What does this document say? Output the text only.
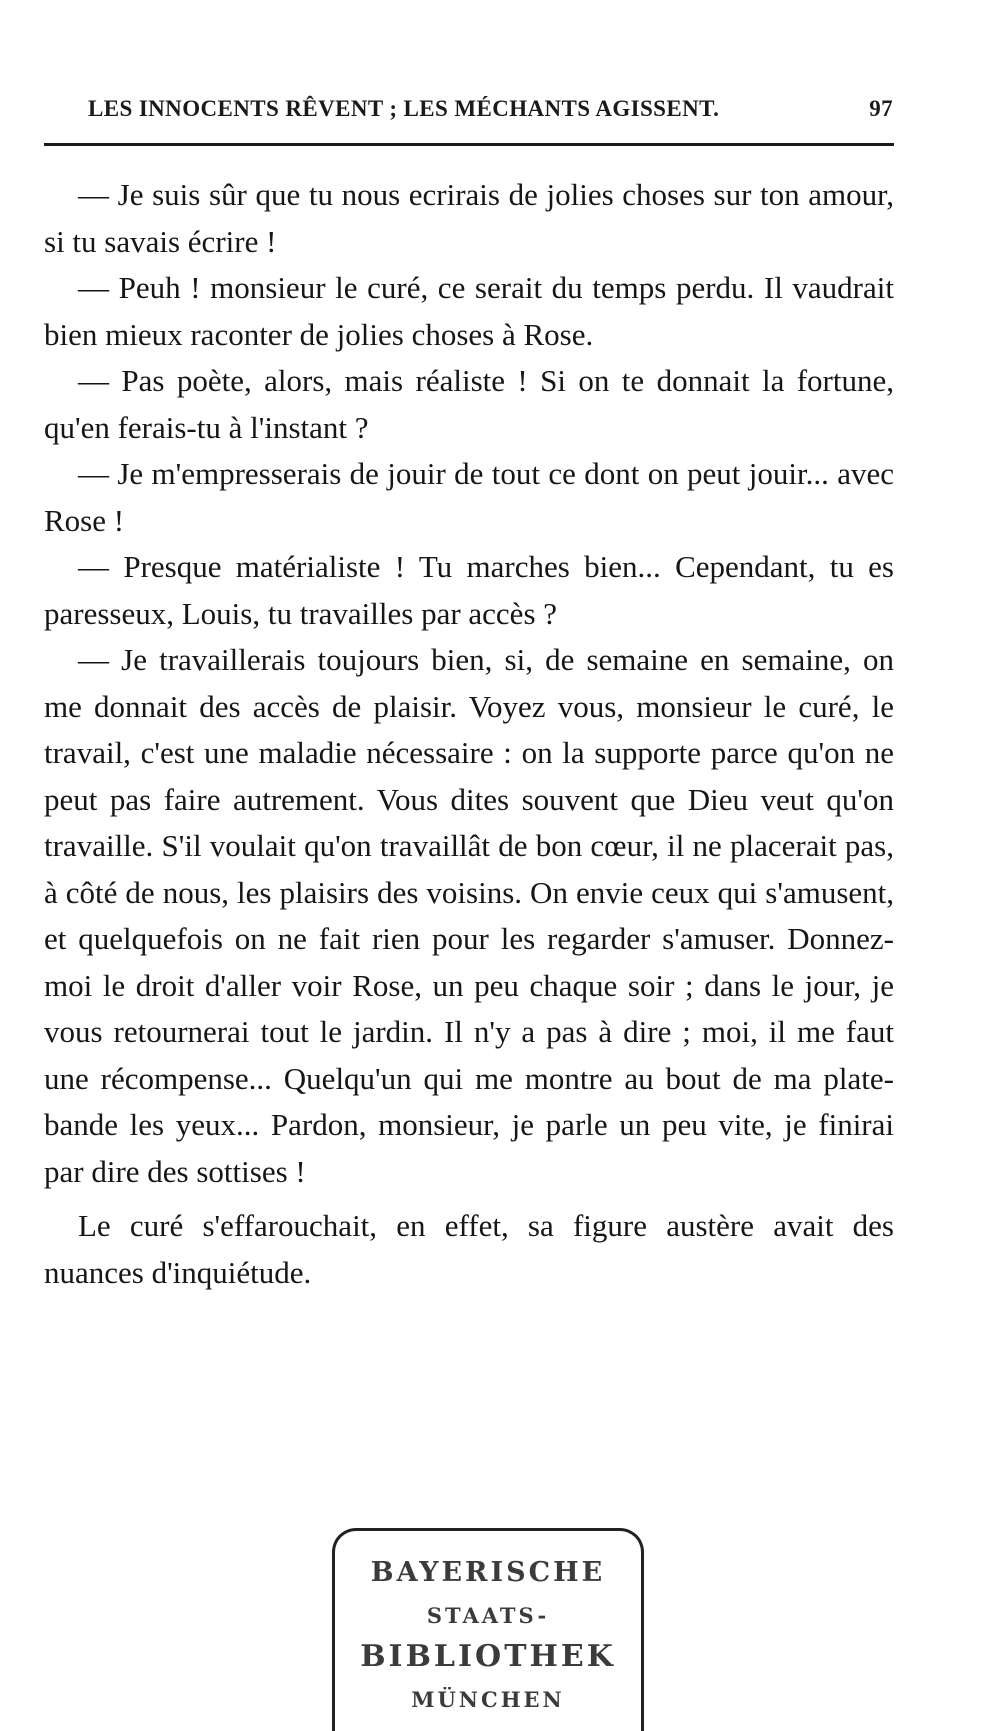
LES INNOCENTS RÊVENT ; LES MÉCHANTS AGISSENT.	97

— Je suis sûr que tu nous ecrirais de jolies choses sur ton amour, si tu savais écrire !

— Peuh ! monsieur le curé, ce serait du temps perdu. Il vaudrait bien mieux raconter de jolies choses à Rose.

— Pas poète, alors, mais réaliste ! Si on te donnait la fortune, qu'en ferais-tu à l'instant ?

— Je m'empresserais de jouir de tout ce dont on peut jouir... avec Rose !

— Presque matérialiste ! Tu marches bien... Cependant, tu es paresseux, Louis, tu travailles par accès ?

— Je travaillerais toujours bien, si, de semaine en semaine, on me donnait des accès de plaisir. Voyez vous, monsieur le curé, le travail, c'est une maladie nécessaire : on la supporte parce qu'on ne peut pas faire autrement. Vous dites souvent que Dieu veut qu'on travaille. S'il voulait qu'on travaillât de bon cœur, il ne placerait pas, à côté de nous, les plaisirs des voisins. On envie ceux qui s'amusent, et quelquefois on ne fait rien pour les regarder s'amuser. Donnez-moi le droit d'aller voir Rose, un peu chaque soir ; dans le jour, je vous retournerai tout le jardin. Il n'y a pas à dire ; moi, il me faut une récompense... Quelqu'un qui me montre au bout de ma plate-bande les yeux... Pardon, monsieur, je parle un peu vite, je finirai par dire des sottises !

Le curé s'effarouchait, en effet, sa figure austère avait des nuances d'inquiétude.

BAYERISCHE
STAATS-
BIBLIOTHEK
MÜNCHEN
